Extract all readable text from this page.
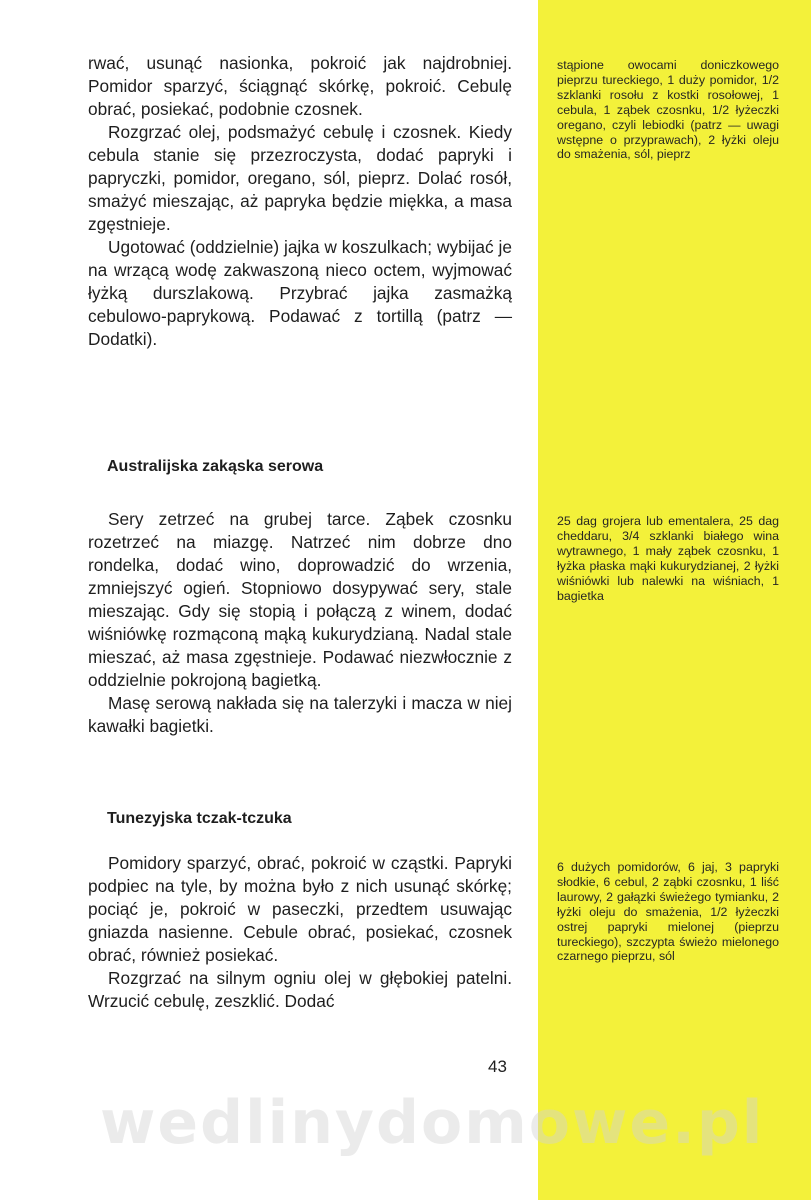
rwać, usunąć nasionka, pokroić jak najdrobniej. Pomidor sparzyć, ściągnąć skórkę, pokroić. Cebulę obrać, posiekać, podobnie czosnek.

Rozgrzać olej, podsmażyć cebulę i czosnek. Kiedy cebula stanie się przezroczysta, dodać papryki i papryczki, pomidor, oregano, sól, pieprz. Dolać rosół, smażyć mieszając, aż papryka będzie miękka, a masa zgęstnieje.

Ugotować (oddzielnie) jajka w koszulkach; wybijać je na wrzącą wodę zakwaszoną nieco octem, wyjmować łyżką durszlakową. Przybrać jajka zasmażką cebulowo-paprykową. Podawać z tortillą (patrz — Dodatki).

stąpione owocami doniczkowego pieprzu tureckiego, 1 duży pomidor, 1/2 szklanki rosołu z kostki rosołowej, 1 cebula, 1 ząbek czosnku, 1/2 łyżeczki oregano, czyli lebiodki (patrz — uwagi wstępne o przyprawach), 2 łyżki oleju do smażenia, sól, pieprz

Australijska zakąska serowa

Sery zetrzeć na grubej tarce. Ząbek czosnku rozetrzeć na miazgę. Natrzeć nim dobrze dno rondelka, dodać wino, doprowadzić do wrzenia, zmniejszyć ogień. Stopniowo dosypywać sery, stale mieszając. Gdy się stopią i połączą z winem, dodać wiśniówkę rozmąconą mąką kukurydzianą. Nadal stale mieszać, aż masa zgęstnieje. Podawać niezwłocznie z oddzielnie pokrojoną bagietką.

Masę serową nakłada się na talerzyki i macza w niej kawałki bagietki.

25 dag grojera lub ementalera, 25 dag cheddaru, 3/4 szklanki białego wina wytrawnego, 1 mały ząbek czosnku, 1 łyżka płaska mąki kukurydzianej, 2 łyżki wiśniówki lub nalewki na wiśniach, 1 bagietka

Tunezyjska tczak-tczuka

Pomidory sparzyć, obrać, pokroić w cząstki. Papryki podpiec na tyle, by można było z nich usunąć skórkę; pociąć je, pokroić w paseczki, przedtem usuwając gniazda nasienne. Cebule obrać, posiekać, czosnek obrać, również posiekać.

Rozgrzać na silnym ogniu olej w głębokiej patelni. Wrzucić cebulę, zeszklić. Dodać

6 dużych pomidorów, 6 jaj, 3 papryki słodkie, 6 cebul, 2 ząbki czosnku, 1 liść laurowy, 2 gałązki świeżego tymianku, 2 łyżki oleju do smażenia, 1/2 łyżeczki ostrej papryki mielonej (pieprzu tureckiego), szczypta świeżo mielonego czarnego pieprzu, sól

43

wedlinydomowe.pl
